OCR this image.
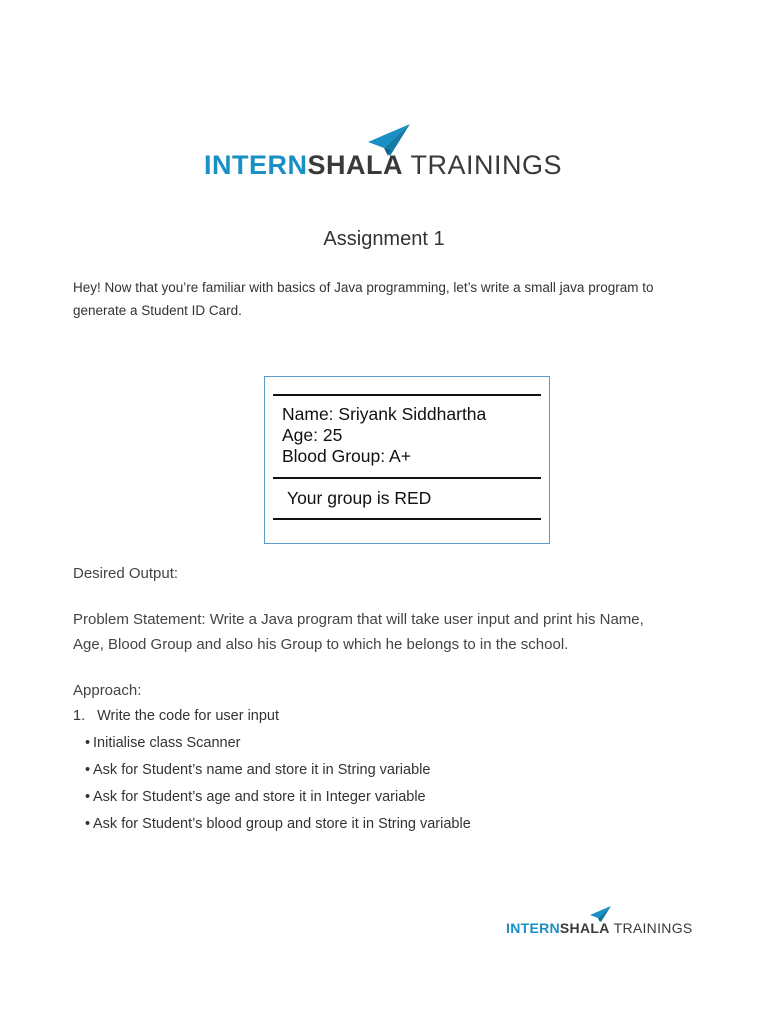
INTERNSHALA TRAININGS
Assignment 1
Hey! Now that you’re familiar with basics of Java programming, let’s write a small java program to
generate a Student ID Card.
Name: Sriyank Siddhartha
Age: 25
Blood Group: A+
Your group is RED
Desired Output:
Problem Statement: Write a Java program that will take user input and print his Name,
Age, Blood Group and also his Group to which he belongs to in the school.
Approach:
1. Write the code for user input
• Initialise class Scanner
• Ask for Student’s name and store it in String variable
• Ask for Student’s age and store it in Integer variable
• Ask for Student’s blood group and store it in String variable
INTERNSHALA TRAININGS
